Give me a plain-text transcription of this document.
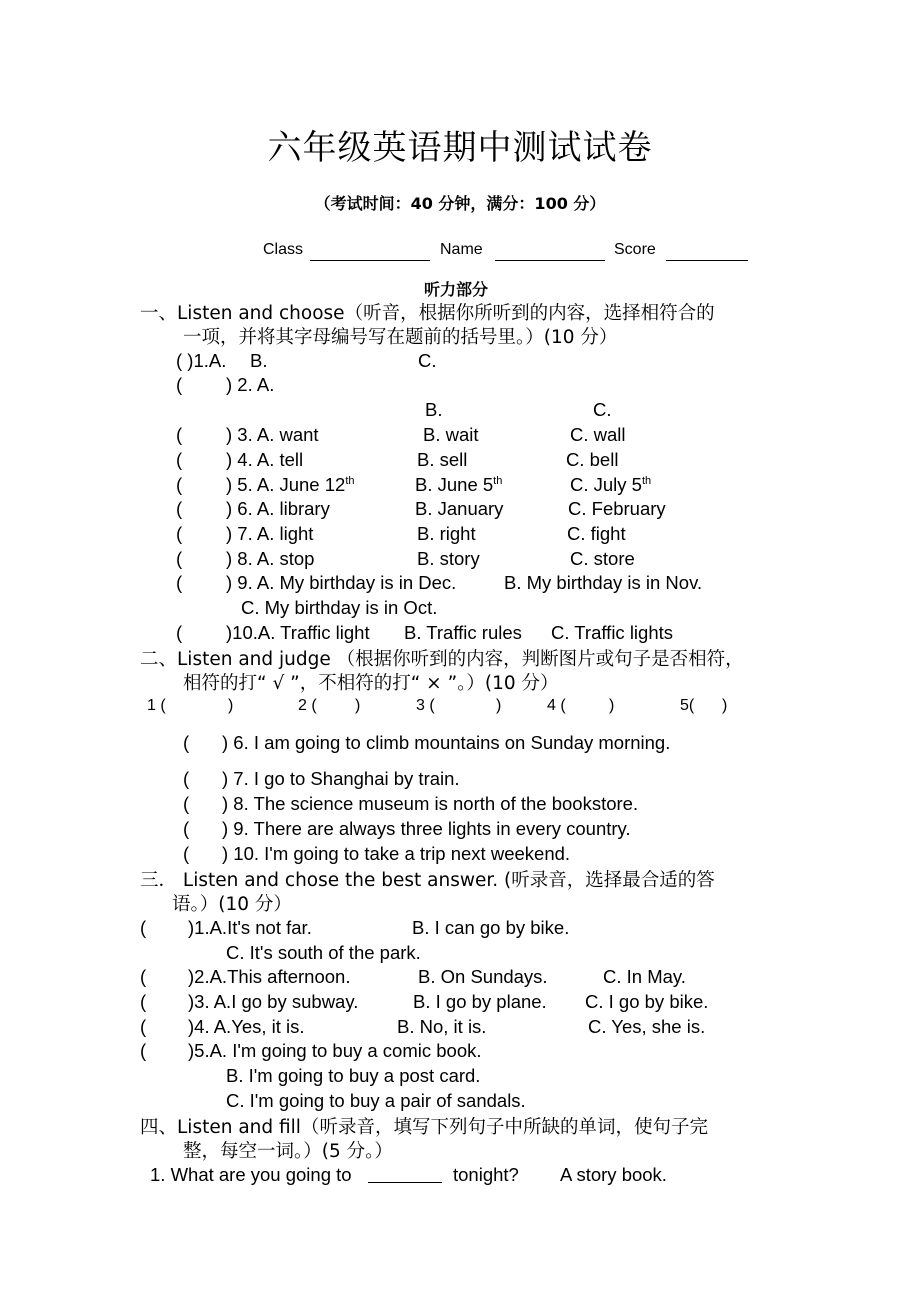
六年级英语期中测试试卷
（考试时间：40 分钟，满分：100 分）
Class	Name	Score
听力部分
一、Listen and choose（听音，根据你所听到的内容，选择相符合的
一项，并将其字母编号写在题前的括号里。）(10 分）
( )1.A. B.	C.
( ) 2. A.
B.	C.
( ) 3. A. want	B. wait	C. wall
( ) 4. A. tell	B. sell	C. bell
( ) 5. A. June 12th	B. June 5th	C. July 5th
( ) 6. A. library	B. January	C. February
( ) 7. A. light	B. right	C. fight
( ) 8. A. stop	B. story	C. store
( ) 9. A. My birthday is in Dec.	B. My birthday is in Nov.
C. My birthday is in Oct.
( )10.A. Traffic light B. Traffic rules C. Traffic lights
二、Listen and judge （根据你听到的内容，判断图片或句子是否相符，
相符的打“ √ ”，不相符的打“ × ”。）(10 分）
1 (	)	2 ( )	3 (	)	4 (	)	5( )
( ) 6. I am going to climb mountains on Sunday morning.
( ) 7. I go to Shanghai by train.
( ) 8. The science museum is north of the bookstore.
( ) 9. There are always three lights in every country.
( ) 10. I'm going to take a trip next weekend.
三． Listen and chose the best answer. (听录音，选择最合适的答
语。）(10 分）
( )1.A.It's not far.	B. I can go by bike.
C. It's south of the park.
( )2.A.This afternoon.	B. On Sundays.	C. In May.
( )3. A.I go by subway.	B. I go by plane. C. I go by bike.
( )4. A.Yes, it is.	B. No, it is.	C. Yes, she is.
( )5.A. I'm going to buy a comic book.
B. I'm going to buy a post card.
C. I'm going to buy a pair of sandals.
四、Listen and fill（听录音，填写下列句子中所缺的单词，使句子完
整，每空一词。）(5 分。）
1. What are you going to	tonight? A story book.
